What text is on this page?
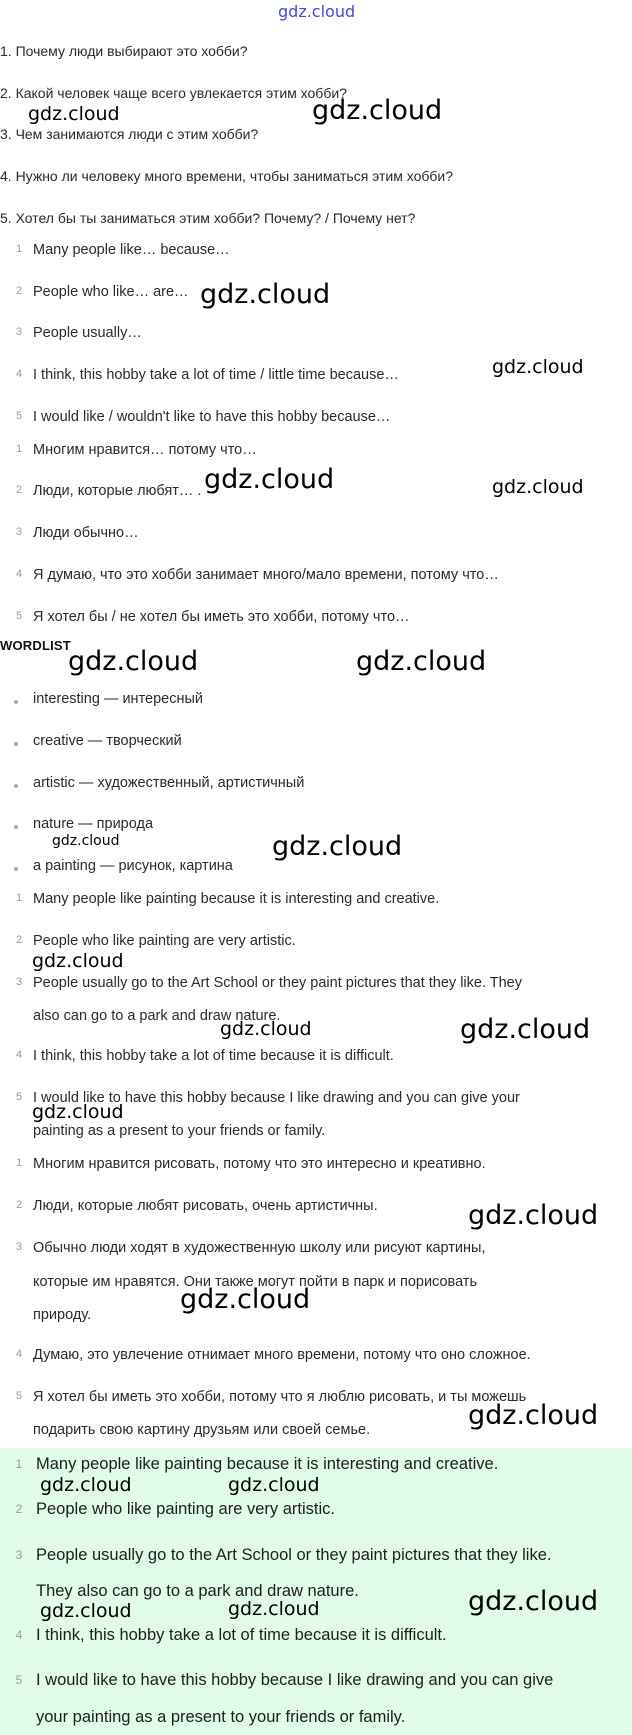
gdz.cloud
1. Почему люди выбирают это хобби?
2. Какой человек чаще всего увлекается этим хобби?
3. Чем занимаются люди с этим хобби?
4. Нужно ли человеку много времени, чтобы заниматься этим хобби?
5. Хотел бы ты заниматься этим хобби? Почему? / Почему нет?
1 Many people like… because…
2 People who like… are…
3 People usually…
4 I think, this hobby take a lot of time / little time because…
5 I would like / wouldn't like to have this hobby because…
1 Многим нравится… потому что…
2 Люди, которые любят… .
3 Люди обычно…
4 Я думаю, что это хобби занимает много/мало времени, потому что…
5 Я хотел бы / не хотел бы иметь это хобби, потому что…
WORDLIST
interesting — интересный
creative — творческий
artistic — художественный, артистичный
nature — природа
a painting — рисунок, картина
1 Many people like painting because it is interesting and creative.
2 People who like painting are very artistic.
3 People usually go to the Art School or they paint pictures that they like. They
also can go to a park and draw nature.
4 I think, this hobby take a lot of time because it is difficult.
5 I would like to have this hobby because I like drawing and you can give your
painting as a present to your friends or family.
1 Многим нравится рисовать, потому что это интересно и креативно.
2 Люди, которые любят рисовать, очень артистичны.
3 Обычно люди ходят в художественную школу или рисуют картины,
которые им нравятся. Они также могут пойти в парк и порисовать
природу.
4 Думаю, это увлечение отнимает много времени, потому что оно сложное.
5 Я хотел бы иметь это хобби, потому что я люблю рисовать, и ты можешь
подарить свою картину друзьям или своей семье.
1 Many people like painting because it is interesting and creative.
2 People who like painting are very artistic.
3 People usually go to the Art School or they paint pictures that they like.
They also can go to a park and draw nature.
4 I think, this hobby take a lot of time because it is difficult.
5 I would like to have this hobby because I like drawing and you can give
your painting as a present to your friends or family.
gdz.cloud	gdz.cloud
gdz.cloud
gdz.cloud
gdz.cloud	gdz.cloud
gdz.cloud	gdz.cloud
gdz.cloud	gdz.cloud
gdz.cloud
gdz.cloud	gdz.cloud
gdz.cloud
gdz.cloud
gdz.cloud
gdz.cloud
gdz.cloud	gdz.cloud
gdz.cloud
gdz.cloud	gdz.cloud
